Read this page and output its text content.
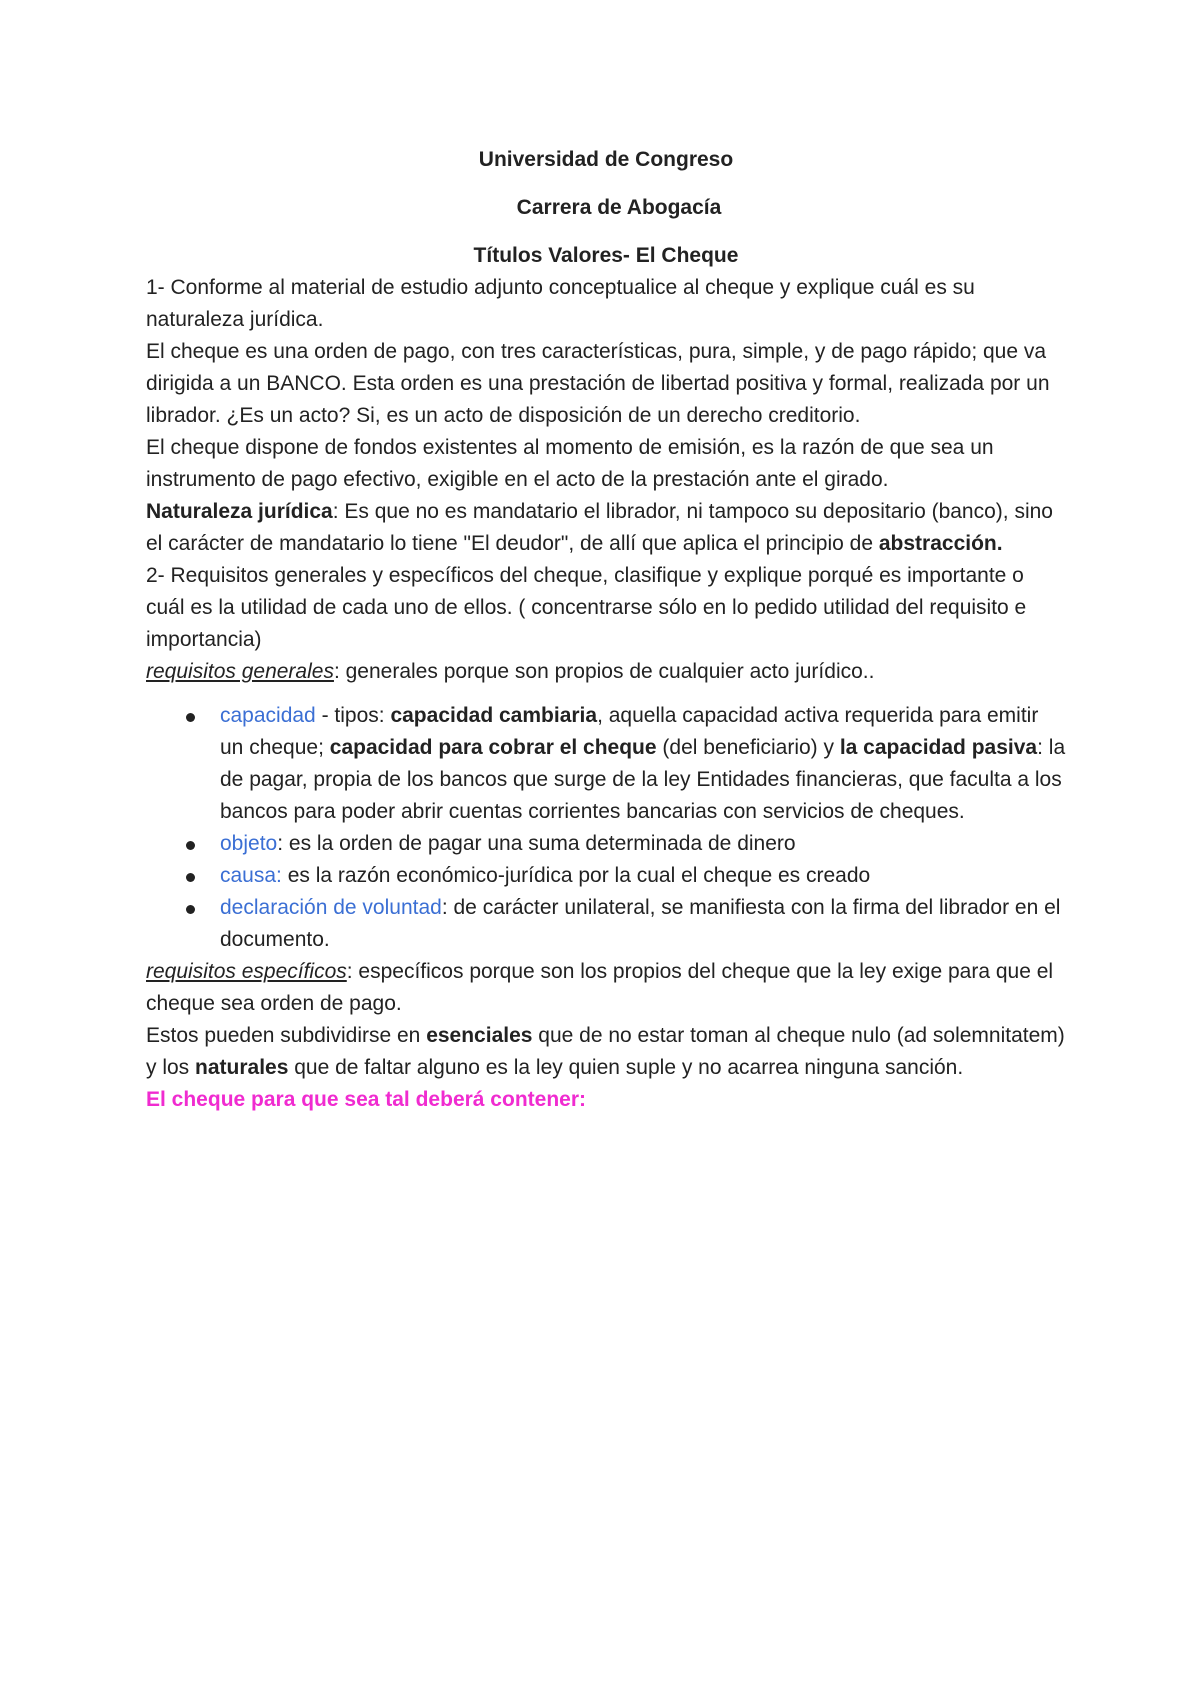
Universidad de Congreso

Carrera de Abogacía

Títulos Valores- El Cheque

1- Conforme al material de estudio adjunto conceptualice al cheque y explique cuál es su naturaleza jurídica.

El cheque es una orden de pago, con tres características, pura, simple, y de pago rápido; que va dirigida a un BANCO. Esta orden es una prestación de libertad positiva y formal, realizada por un librador. ¿Es un acto? Si, es un acto de disposición de un derecho creditorio.

El cheque dispone de fondos existentes al momento de emisión, es la razón de que sea un instrumento de pago efectivo, exigible en el acto de la prestación ante el girado.

Naturaleza jurídica: Es que no es mandatario el librador, ni tampoco su depositario (banco), sino el carácter de mandatario lo tiene "El deudor", de allí que aplica el principio de abstracción.

2- Requisitos generales y específicos del cheque, clasifique y explique porqué es importante o cuál es la utilidad de cada uno de ellos. ( concentrarse sólo en lo pedido utilidad del requisito e importancia)

requisitos generales: generales porque son propios de cualquier acto jurídico..

capacidad - tipos: capacidad cambiaria, aquella capacidad activa requerida para emitir un cheque; capacidad para cobrar el cheque (del beneficiario) y la capacidad pasiva: la de pagar, propia de los bancos que surge de la ley Entidades financieras, que faculta a los bancos para poder abrir cuentas corrientes bancarias con servicios de cheques.
objeto: es la orden de pagar una suma determinada de dinero
causa: es la razón económico-jurídica por la cual el cheque es creado
declaración de voluntad: de carácter unilateral, se manifiesta con la firma del librador en el documento.

requisitos específicos: específicos porque son los propios del cheque que la ley exige para que el cheque sea orden de pago.

Estos pueden subdividirse en esenciales que de no estar toman al cheque nulo (ad solemnitatem) y los naturales que de faltar alguno es la ley quien suple y no acarrea ninguna sanción.

El cheque para que sea tal deberá contener:
